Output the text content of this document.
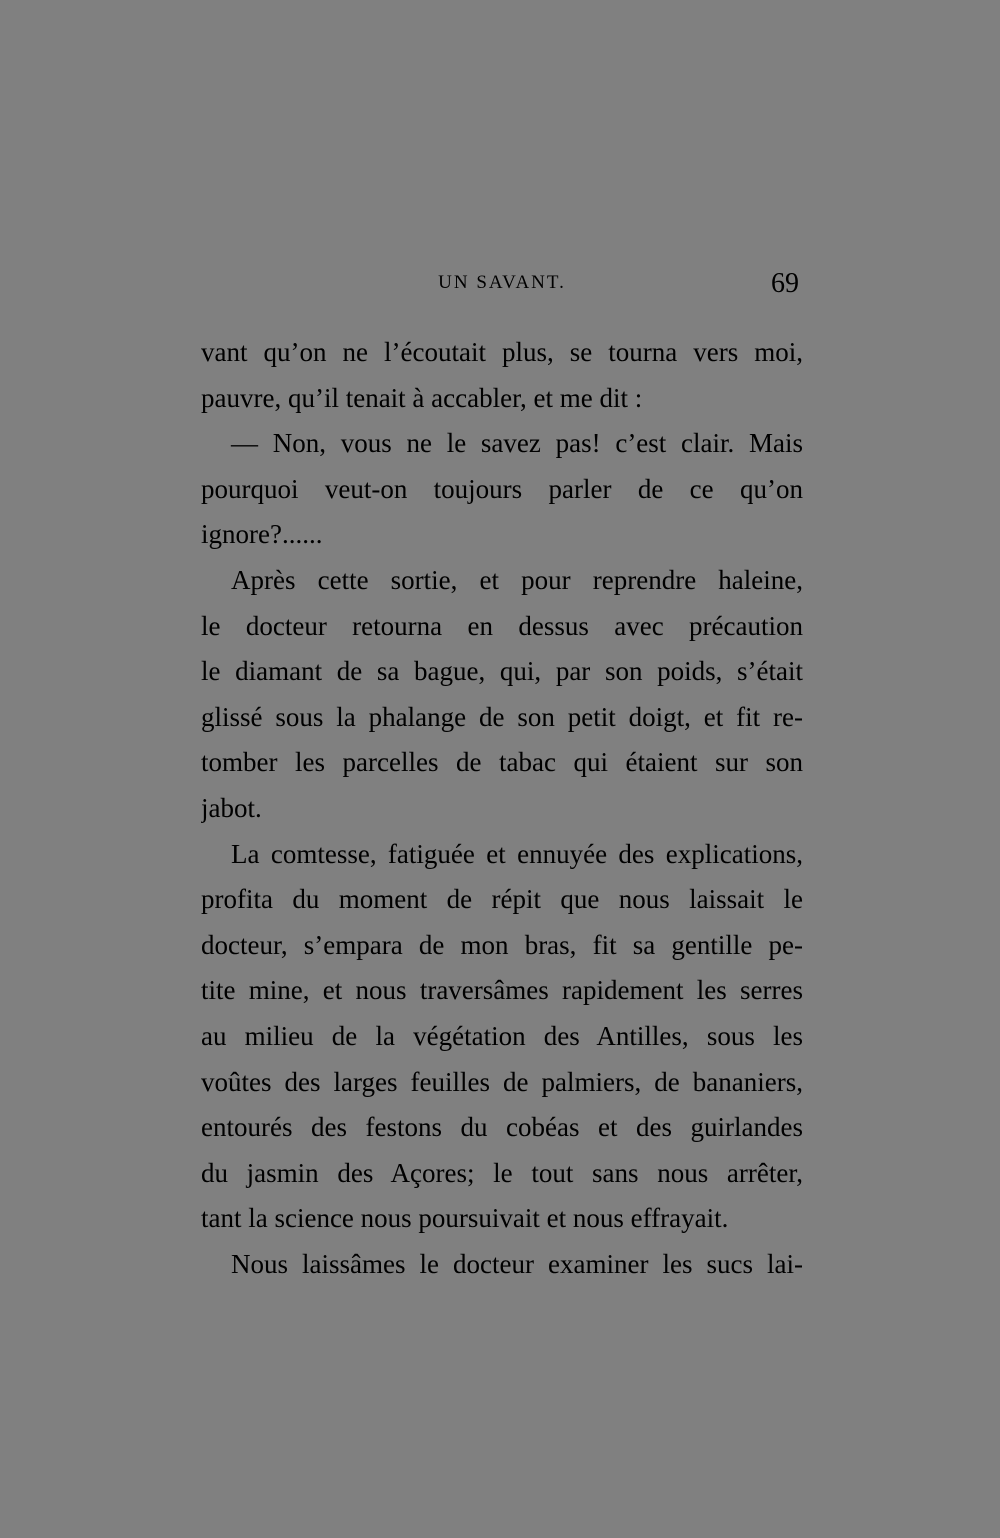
UN SAVANT.	69
vant qu’on ne l’écoutait plus, se tourna vers moi,
pauvre, qu’il tenait à accabler, et me dit :
— Non, vous ne le savez pas! c’est clair. Mais
pourquoi veut-on toujours parler de ce qu’on
ignore?......
Après cette sortie, et pour reprendre haleine,
le docteur retourna en dessus avec précaution
le diamant de sa bague, qui, par son poids, s’était
glissé sous la phalange de son petit doigt, et fit re-
tomber les parcelles de tabac qui étaient sur son
jabot.
La comtesse, fatiguée et ennuyée des explications,
profita du moment de répit que nous laissait le
docteur, s’empara de mon bras, fit sa gentille pe-
tite mine, et nous traversâmes rapidement les serres
au milieu de la végétation des Antilles, sous les
voûtes des larges feuilles de palmiers, de bananiers,
entourés des festons du cobéas et des guirlandes
du jasmin des Açores; le tout sans nous arrêter,
tant la science nous poursuivait et nous effrayait.
Nous laissâmes le docteur examiner les sucs lai-
